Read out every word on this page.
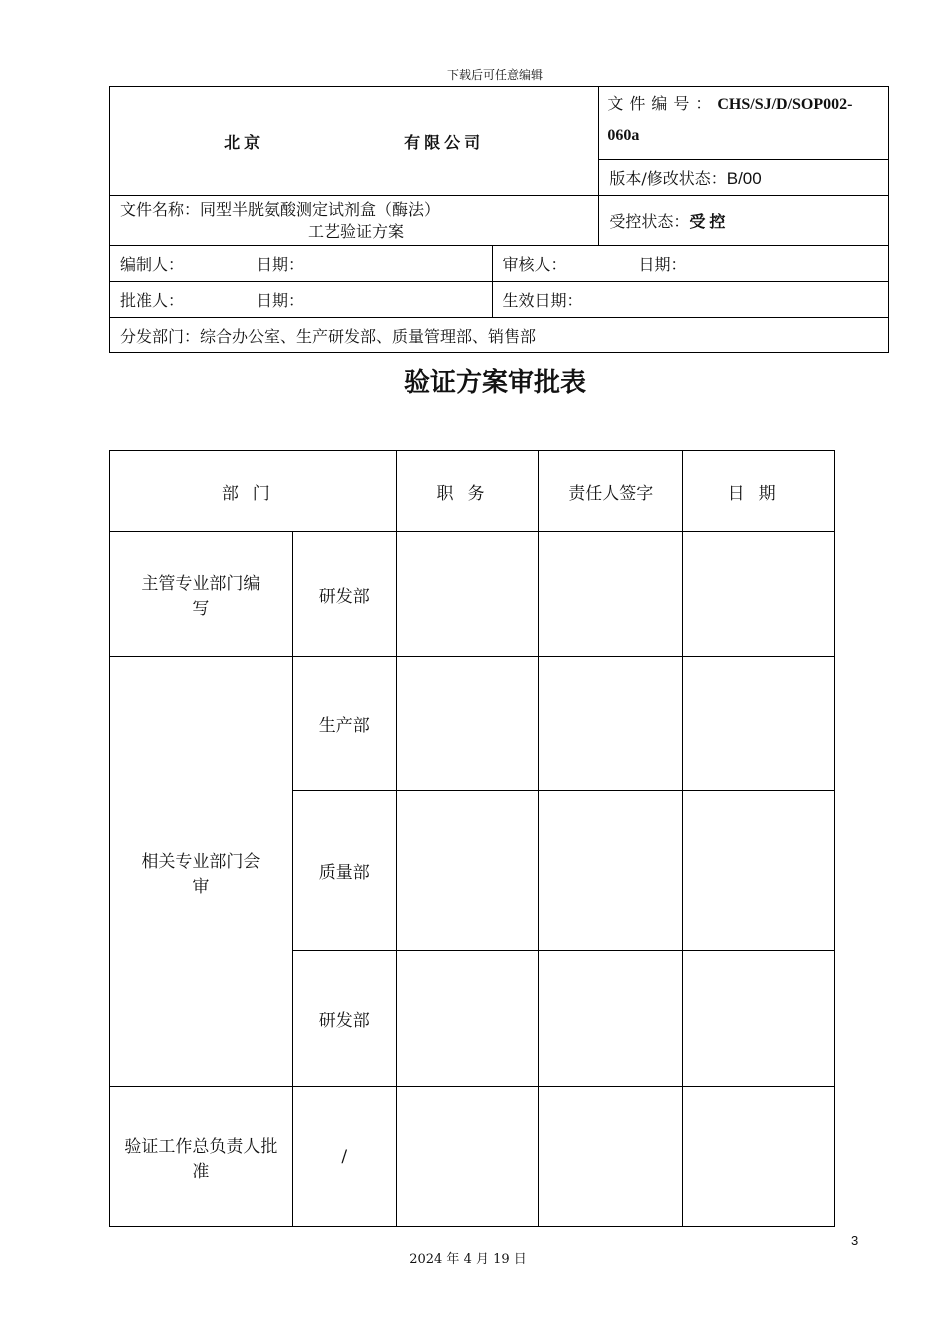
下载后可任意编辑
北京 有限公司		文件编号：CHS/SJ/D/SOP002-060a
		版本/修改状态：B/00
文件名称：同型半胱氨酸测定试剂盒（酶法）
工艺验证方案		受控状态：受控
编制人： 日期：	审核人： 日期：	
批准人： 日期：	生效日期：	
分发部门：综合办公室、生产研发部、质量管理部、销售部		
验证方案审批表
部门		职务	责任人签字	日期
主管专业部门编写	研发部			
相关专业部门会审	生产部			
	质量部			
	研发部			
验证工作总负责人批准	/			
3
2024 年 4 月 19 日
